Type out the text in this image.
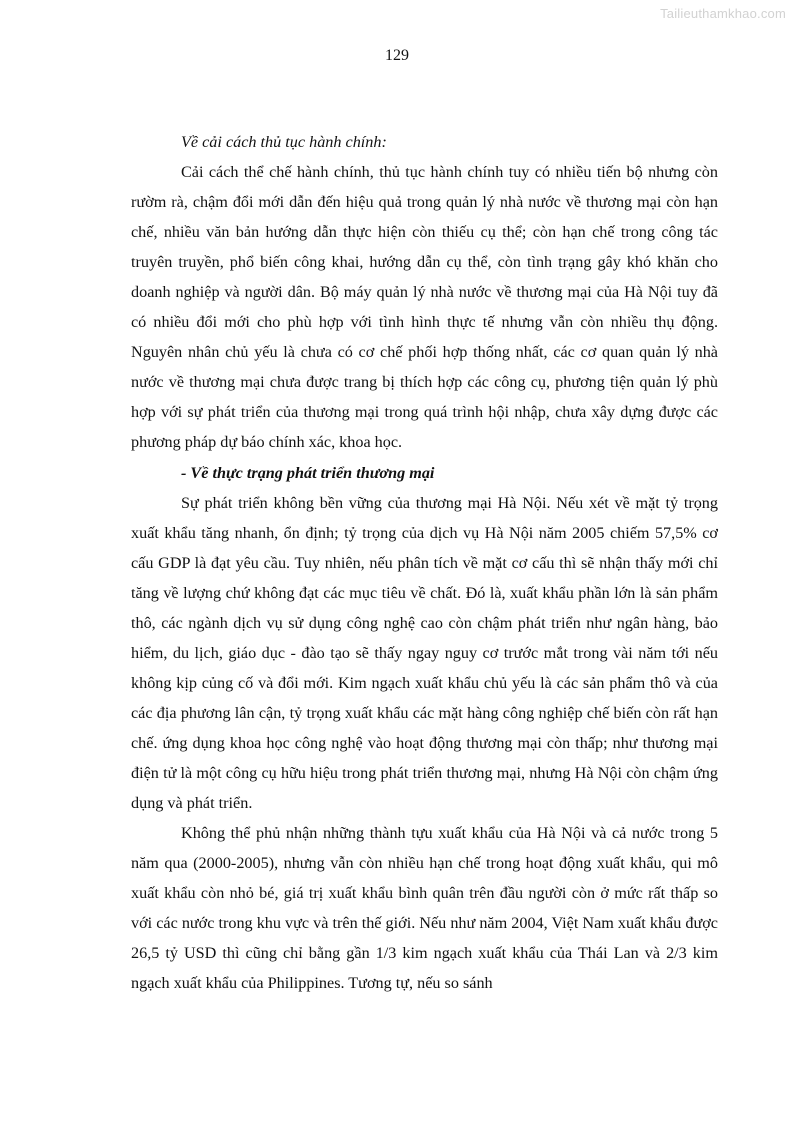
Tailieuthamkhao.com
129

Về cải cách thủ tục hành chính:

Cải cách thể chế hành chính, thủ tục hành chính tuy có nhiều tiến bộ nhưng còn rườm rà, chậm đổi mới dẫn đến hiệu quả trong quản lý nhà nước về thương mại còn hạn chế, nhiều văn bản hướng dẫn thực hiện còn thiếu cụ thể; còn hạn chế trong công tác truyên truyền, phổ biến công khai, hướng dẫn cụ thể, còn tình trạng gây khó khăn cho doanh nghiệp và người dân. Bộ máy quản lý nhà nước về thương mại của Hà Nội tuy đã có nhiều đổi mới cho phù hợp với tình hình thực tế nhưng vẫn còn nhiều thụ động. Nguyên nhân chủ yếu là chưa có cơ chế phối hợp thống nhất, các cơ quan quản lý nhà nước về thương mại chưa được trang bị thích hợp các công cụ, phương tiện quản lý phù hợp với sự phát triển của thương mại trong quá trình hội nhập, chưa xây dựng được các phương pháp dự báo chính xác, khoa học.

- Về thực trạng phát triển thương mại

Sự phát triển không bền vững của thương mại Hà Nội. Nếu xét về mặt tỷ trọng xuất khẩu tăng nhanh, ổn định; tỷ trọng của dịch vụ Hà Nội năm 2005 chiếm 57,5% cơ cấu GDP là đạt yêu cầu. Tuy nhiên, nếu phân tích về mặt cơ cấu thì sẽ nhận thấy mới chỉ tăng về lượng chứ không đạt các mục tiêu về chất. Đó là, xuất khẩu phần lớn là sản phẩm thô, các ngành dịch vụ sử dụng công nghệ cao còn chậm phát triển như ngân hàng, bảo hiểm, du lịch, giáo dục - đào tạo sẽ thấy ngay nguy cơ trước mắt trong vài năm tới nếu không kịp củng cố và đổi mới. Kim ngạch xuất khẩu chủ yếu là các sản phẩm thô và của các địa phương lân cận, tỷ trọng xuất khẩu các mặt hàng công nghiệp chế biến còn rất hạn chế. ứng dụng khoa học công nghệ vào hoạt động thương mại còn thấp; như thương mại điện tử là một công cụ hữu hiệu trong phát triển thương mại, nhưng Hà Nội còn chậm ứng dụng và phát triển.

Không thể phủ nhận những thành tựu xuất khẩu của Hà Nội và cả nước trong 5 năm qua (2000-2005), nhưng vẫn còn nhiều hạn chế trong hoạt động xuất khẩu, qui mô xuất khẩu còn nhỏ bé, giá trị xuất khẩu bình quân trên đầu người còn ở mức rất thấp so với các nước trong khu vực và trên thế giới. Nếu như năm 2004, Việt Nam xuất khẩu được 26,5 tỷ USD thì cũng chỉ bằng gần 1/3 kim ngạch xuất khẩu của Thái Lan và 2/3 kim ngạch xuất khẩu của Philippines. Tương tự, nếu so sánh
